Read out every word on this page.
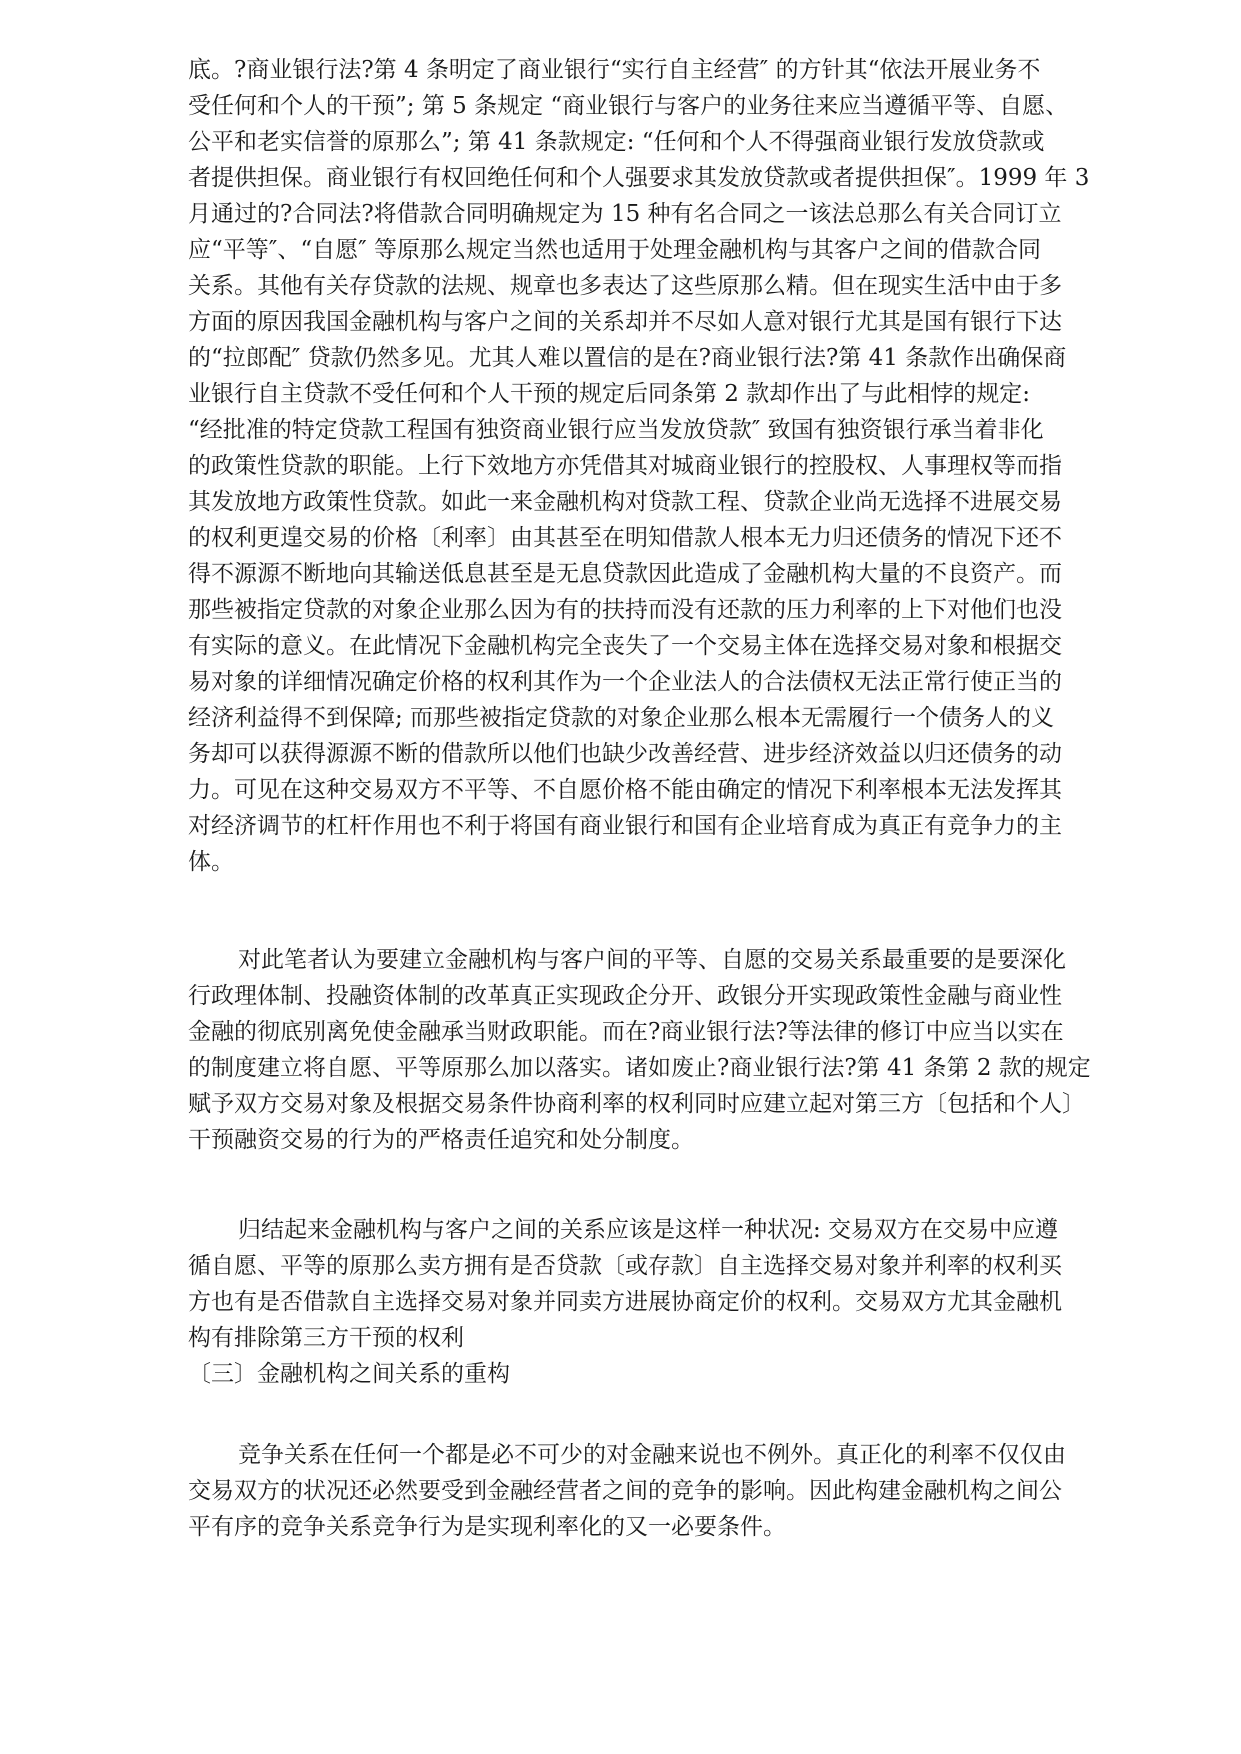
底。?商业银行法?第 4 条明定了商业银行“实行自主经营″ 的方针其“依法开展业务不
受任何和个人的干预”; 第 5 条规定 “商业银行与客户的业务往来应当遵循平等、自愿、
公平和老实信誉的原那么”; 第 41 条款规定: “任何和个人不得强商业银行发放贷款或
者提供担保。商业银行有权回绝任何和个人强要求其发放贷款或者提供担保″。1999 年 3
月通过的?合同法?将借款合同明确规定为 15 种有名合同之一该法总那么有关合同订立
应“平等″、“自愿″ 等原那么规定当然也适用于处理金融机构与其客户之间的借款合同
关系。其他有关存贷款的法规、规章也多表达了这些原那么精。但在现实生活中由于多
方面的原因我国金融机构与客户之间的关系却并不尽如人意对银行尤其是国有银行下达
的“拉郎配″ 贷款仍然多见。尤其人难以置信的是在?商业银行法?第 41 条款作出确保商
业银行自主贷款不受任何和个人干预的规定后同条第 2 款却作出了与此相悖的规定:
“经批准的特定贷款工程国有独资商业银行应当发放贷款″ 致国有独资银行承当着非化
的政策性贷款的职能。上行下效地方亦凭借其对城商业银行的控股权、人事理权等而指
其发放地方政策性贷款。如此一来金融机构对贷款工程、贷款企业尚无选择不进展交易
的权利更遑交易的价格〔利率〕由其甚至在明知借款人根本无力归还债务的情况下还不
得不源源不断地向其输送低息甚至是无息贷款因此造成了金融机构大量的不良资产。而
那些被指定贷款的对象企业那么因为有的扶持而没有还款的压力利率的上下对他们也没
有实际的意义。在此情况下金融机构完全丧失了一个交易主体在选择交易对象和根据交
易对象的详细情况确定价格的权利其作为一个企业法人的合法债权无法正常行使正当的
经济利益得不到保障; 而那些被指定贷款的对象企业那么根本无需履行一个债务人的义
务却可以获得源源不断的借款所以他们也缺少改善经营、进步经济效益以归还债务的动
力。可见在这种交易双方不平等、不自愿价格不能由确定的情况下利率根本无法发挥其
对经济调节的杠杆作用也不利于将国有商业银行和国有企业培育成为真正有竞争力的主
体。
对此笔者认为要建立金融机构与客户间的平等、自愿的交易关系最重要的是要深化
行政理体制、投融资体制的改革真正实现政企分开、政银分开实现政策性金融与商业性
金融的彻底别离免使金融承当财政职能。而在?商业银行法?等法律的修订中应当以实在
的制度建立将自愿、平等原那么加以落实。诸如废止?商业银行法?第 41 条第 2 款的规定
赋予双方交易对象及根据交易条件协商利率的权利同时应建立起对第三方〔包括和个人〕
干预融资交易的行为的严格责任追究和处分制度。
归结起来金融机构与客户之间的关系应该是这样一种状况: 交易双方在交易中应遵
循自愿、平等的原那么卖方拥有是否贷款〔或存款〕自主选择交易对象并利率的权利买
方也有是否借款自主选择交易对象并同卖方进展协商定价的权利。交易双方尤其金融机
构有排除第三方干预的权利
〔三〕金融机构之间关系的重构
竞争关系在任何一个都是必不可少的对金融来说也不例外。真正化的利率不仅仅由
交易双方的状况还必然要受到金融经营者之间的竞争的影响。因此构建金融机构之间公
平有序的竞争关系竞争行为是实现利率化的又一必要条件。
